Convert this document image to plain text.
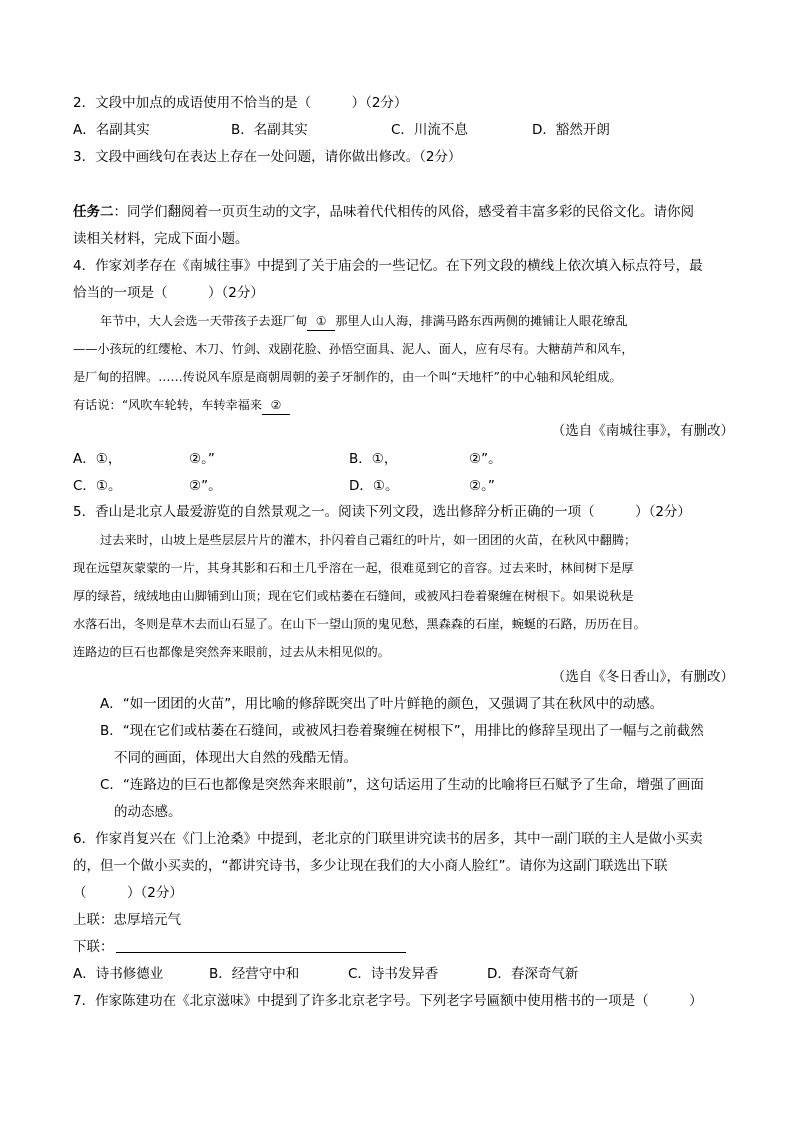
2．文段中加点的成语使用不恰当的是（　　　）（2分）
A．名副其实	B．名副其实	C．川流不息	D．豁然开朗
3．文段中画线句在表达上存在一处问题，请你做出修改。（2分）
任务二：同学们翻阅着一页页生动的文字，品味着代代相传的风俗，感受着丰富多彩的民俗文化。请你阅
读相关材料，完成下面小题。
4．作家刘孝存在《南城往事》中提到了关于庙会的一些记忆。在下列文段的横线上依次填入标点符号，最
恰当的一项是（　　　）（2分）
年节中，大人会选一天带孩子去逛厂甸 ① 那里人山人海，排满马路东西两侧的摊铺让人眼花缭乱
——小孩玩的红缨枪、木刀、竹剑、戏剧花脸、孙悟空面具、泥人、面人，应有尽有。大糖葫芦和风车，
是厂甸的招牌。……传说风车原是商朝周朝的姜子牙制作的，由一个叫“天地杆”的中心轴和风轮组成。
有话说：“风吹车轮转，车转幸福来 ②
（选自《南城往事》，有删改）
A．①，	②。”	B．①，	②”。
C．①。	②”。	D．①。	②。”
5．香山是北京人最爱游览的自然景观之一。阅读下列文段，选出修辞分析正确的一项（　　　）（2分）
过去来时，山坡上是些层层片片的灌木，扑闪着自己霜红的叶片，如一团团的火苗，在秋风中翻腾；
现在远望灰蒙蒙的一片，其身其影和石和土几乎溶在一起，很难觅到它的音容。过去来时，林间树下是厚
厚的绿苔，绒绒地由山脚铺到山顶；现在它们或枯萎在石缝间，或被风扫卷着聚缠在树根下。如果说秋是
水落石出，冬则是草木去而山石显了。在山下一望山顶的鬼见愁，黑森森的石崖，蜿蜒的石路，历历在目。
连路边的巨石也都像是突然奔来眼前，过去从未相见似的。
（选自《冬日香山》，有删改）
A．“如一团团的火苗”，用比喻的修辞既突出了叶片鲜艳的颜色，又强调了其在秋风中的动感。
B．“现在它们或枯萎在石缝间，或被风扫卷着聚缠在树根下”，用排比的修辞呈现出了一幅与之前截然
不同的画面，体现出大自然的残酷无情。
C．“连路边的巨石也都像是突然奔来眼前”，这句话运用了生动的比喻将巨石赋予了生命，增强了画面
的动态感。
6．作家肖复兴在《门上沧桑》中提到，老北京的门联里讲究读书的居多，其中一副门联的主人是做小买卖
的，但一个做小买卖的，“都讲究诗书，多少让现在我们的大小商人脸红”。请你为这副门联选出下联
（　　　）（2分）
上联：忠厚培元气
下联：
A．诗书修德业	B．经营守中和	C．诗书发异香	D．春深奇气新
7．作家陈建功在《北京滋味》中提到了许多北京老字号。下列老字号匾额中使用楷书的一项是（　　　）
